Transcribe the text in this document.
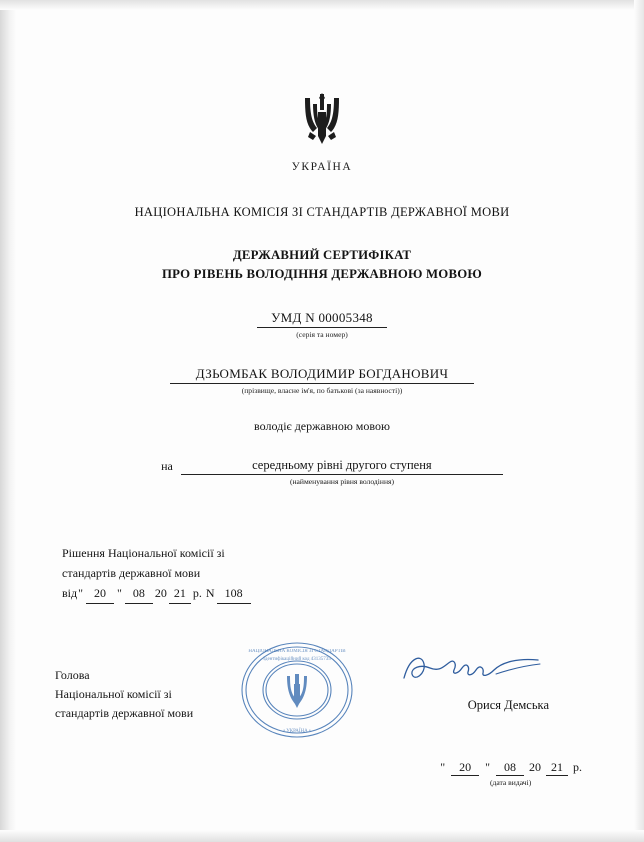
УКРАЇНА
НАЦІОНАЛЬНА КОМІСІЯ ЗІ СТАНДАРТІВ ДЕРЖАВНОЇ МОВИ
ДЕРЖАВНИЙ СЕРТИФІКАТ
ПРО РІВЕНЬ ВОЛОДІННЯ ДЕРЖАВНОЮ МОВОЮ
УМД N 00005348
(серія та номер)
ДЗЬОМБАК ВОЛОДИМИР БОГДАНОВИЧ
(прізвище, власне ім'я, по батькові (за наявності))
володіє державною мовою
на	середньому рівні другого ступеня
(найменування рівня володіння)
Рішення Національної комісії зі
стандартів державної мови
від " 20 " 08 20 21 р. N 108
НАЦІОНАЛЬНА КОМІСІЯ ЗІ СТАНДАРТІВ
Ідентифікаційний код 43135735
• УКРАЇНА •
Голова
Національної комісії зі
стандартів державної мови
Орися Демська
" 20 " 08 20 21 р.
(дата видачі)
